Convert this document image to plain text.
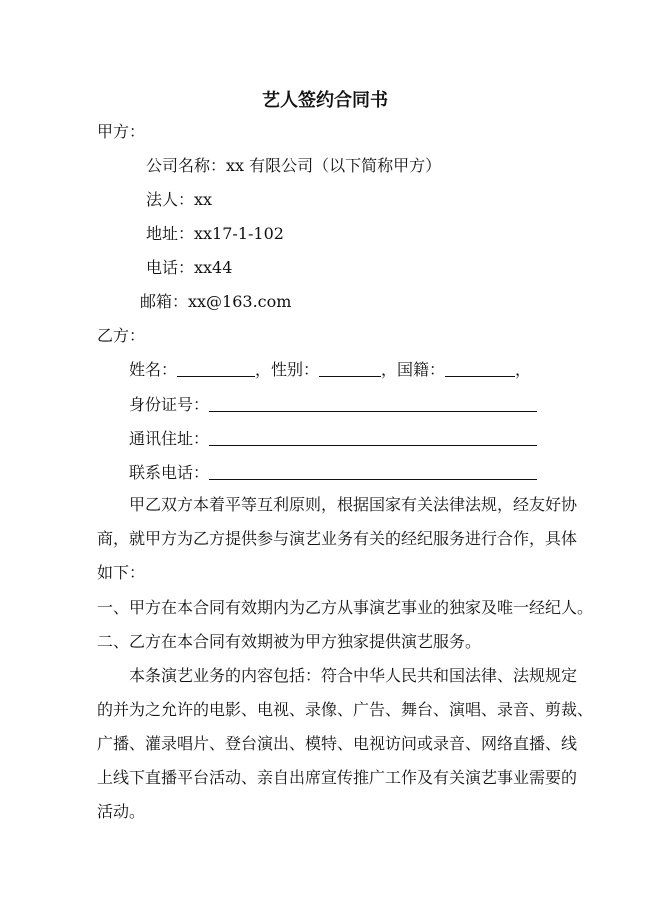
艺人签约合同书
甲方：
公司名称：xx 有限公司（以下简称甲方）
法人：xx
地址：xx17-1-102
电话：xx44
邮箱：xx@163.com
乙方：
姓名：	，性别：	，国籍：	，
身份证号：
通讯住址：
联系电话：
甲乙双方本着平等互利原则，根据国家有关法律法规，经友好协
商，就甲方为乙方提供参与演艺业务有关的经纪服务进行合作，具体
如下：
一、甲方在本合同有效期内为乙方从事演艺事业的独家及唯一经纪人。
二、乙方在本合同有效期被为甲方独家提供演艺服务。
本条演艺业务的内容包括：符合中华人民共和国法律、法规规定
的并为之允许的电影、电视、录像、广告、舞台、演唱、录音、剪裁、
广播、灌录唱片、登台演出、模特、电视访问或录音、网络直播、线
上线下直播平台活动、亲自出席宣传推广工作及有关演艺事业需要的
活动。
